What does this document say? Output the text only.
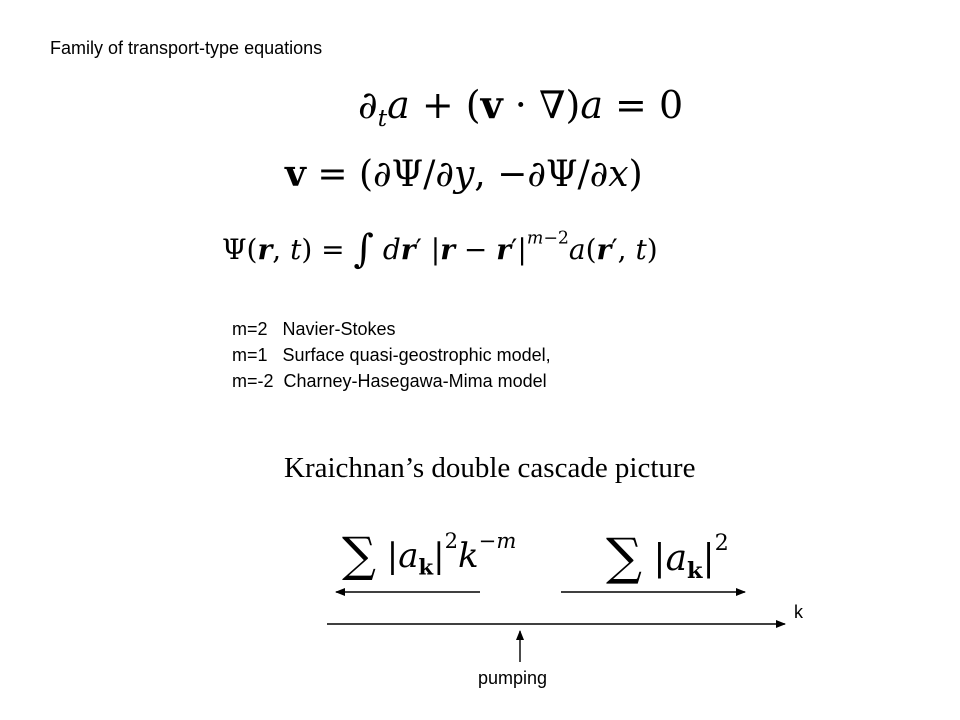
Family of transport-type equations
$\partial_ta + (v \cdot \nabla)a = 0$
v = (∂Ψ/∂y, −∂Ψ/∂x)
Ψ(r, t) = ∫ dr′ $|r - r'|^{m-2}a(r'$, t)
m=2   Navier-Stokes
m=1   Surface quasi-geostrophic model,
m=-2  Charney-Hasegawa-Mima model
Kraichnan’s double cascade picture
∑ $|a_k|^2k^{-m}$ ∑ $|a_k|^2$
k
pumping
